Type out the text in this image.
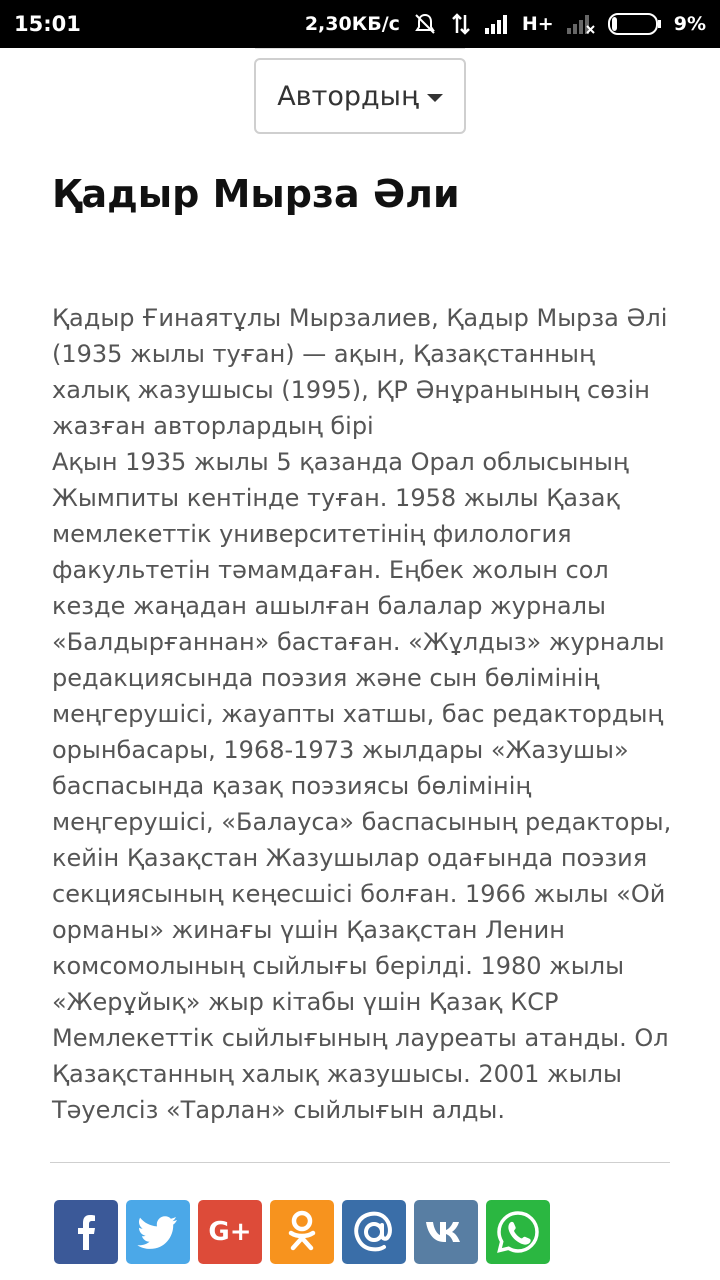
15:01	2,30КБ/с	H+	9%
Автордың
Қадыр Мырза Әли

Қадыр Ғинаятұлы Мырзалиев, Қадыр Мырза Әлі (1935 жылы туған) — ақын, Қазақстанның халық жазушысы (1995), ҚР Әнұранының сөзін жазған авторлардың бірі

Ақын 1935 жылы 5 қазанда Орал облысының Жымпиты кентінде туған. 1958 жылы Қазақ мемлекеттік университетінің филология факультетін тәмамдаған. Еңбек жолын сол кезде жаңадан ашылған балалар журналы «Балдырғаннан» бастаған. «Жұлдыз» журналы редакциясында поэзия және сын бөлімінің меңгерушісі, жауапты хатшы, бас редактордың орынбасары, 1968-1973 жылдары «Жазушы» баспасында қазақ поэзиясы бөлімінің меңгерушісі, «Балауса» баспасының редакторы, кейін Қазақстан Жазушылар одағында поэзия секциясының кеңесшісі болған. 1966 жылы «Ой орманы» жинағы үшін Қазақстан Ленин комсомолының сыйлығы берілді. 1980 жылы «Жерұйық» жыр кітабы үшін Қазақ КСР Мемлекеттік сыйлығының лауреаты атанды. Ол Қазақстанның халық жазушысы. 2001 жылы Тәуелсіз «Тарлан» сыйлығын алды.

G+
